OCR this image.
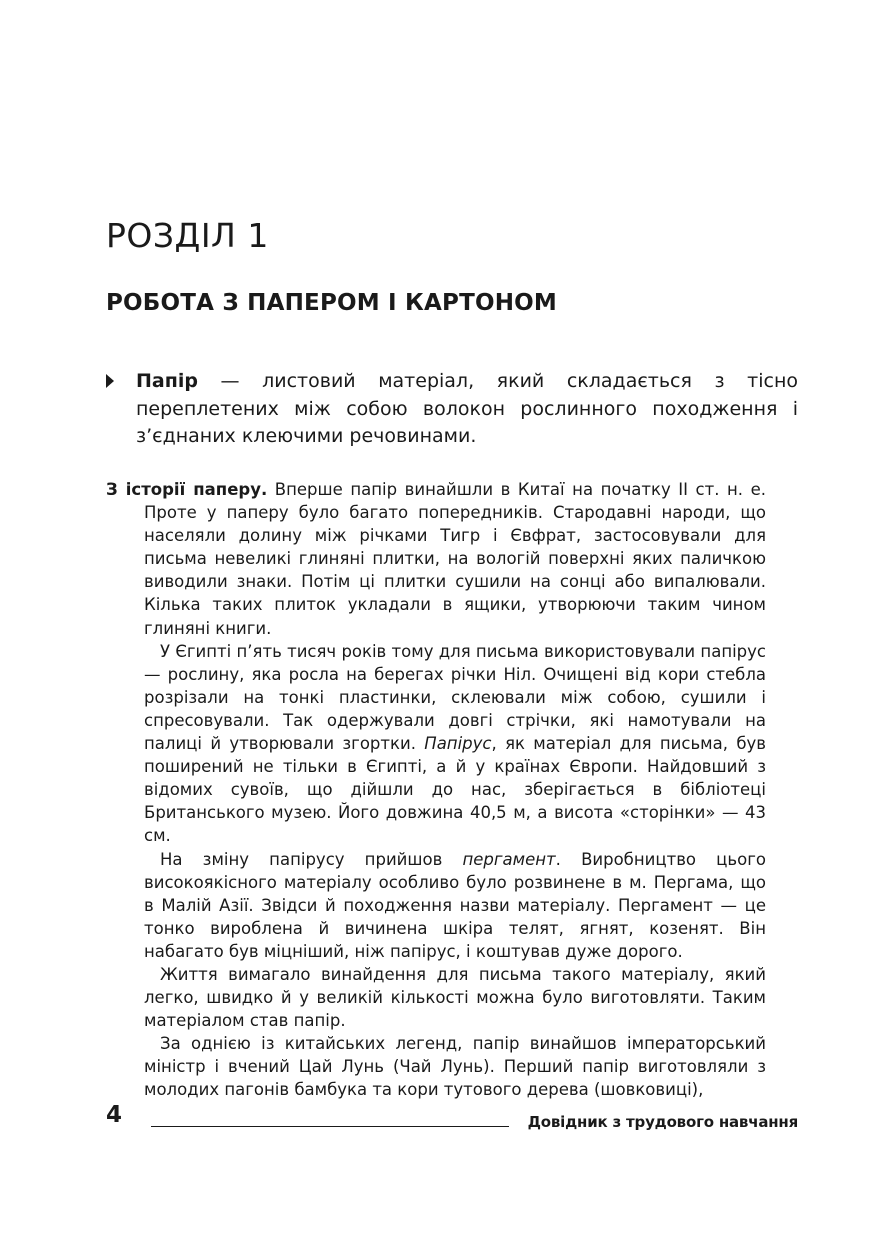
РОЗДІЛ 1
РОБОТА З ПАПЕРОМ І КАРТОНОМ

Папір — листовий матеріал, який складається з тісно переплетених між собою волокон рослинного походження і з’єднаних клеючими речовинами.

З історії паперу. Вперше папір винайшли в Китаї на початку II ст. н. е. Проте у паперу було багато попередників. Стародавні народи, що населяли долину між річками Тигр і Євфрат, застосовували для письма невеликі глиняні плитки, на вологій поверхні яких паличкою виводили знаки. Потім ці плитки сушили на сонці або випалювали. Кілька таких плиток укладали в ящики, утворюючи таким чином глиняні книги.

У Єгипті п’ять тисяч років тому для письма використовували папірус — рослину, яка росла на берегах річки Ніл. Очищені від кори стебла розрізали на тонкі пластинки, склеювали між собою, сушили і спресовували. Так одержували довгі стрічки, які намотували на палиці й утворювали згортки. Папірус, як матеріал для письма, був поширений не тільки в Єгипті, а й у країнах Європи. Найдовший з відомих сувоїв, що дійшли до нас, зберігається в бібліотеці Британського музею. Його довжина 40,5 м, а висота «сторінки» — 43 см.

На зміну папірусу прийшов пергамент. Виробництво цього високоякісного матеріалу особливо було розвинене в м. Пергама, що в Малій Азії. Звідси й походження назви матеріалу. Пергамент — це тонко вироблена й вичинена шкіра телят, ягнят, козенят. Він набагато був міцніший, ніж папірус, і коштував дуже дорого.

Життя вимагало винайдення для письма такого матеріалу, який легко, швидко й у великій кількості можна було виготовляти. Таким матеріалом став папір.

За однією із китайських легенд, папір винайшов імператорський міністр і вчений Цай Лунь (Чай Лунь). Перший папір виготовляли з молодих пагонів бамбука та кори тутового дерева (шовковиці),

4	Довідник з трудового навчання
